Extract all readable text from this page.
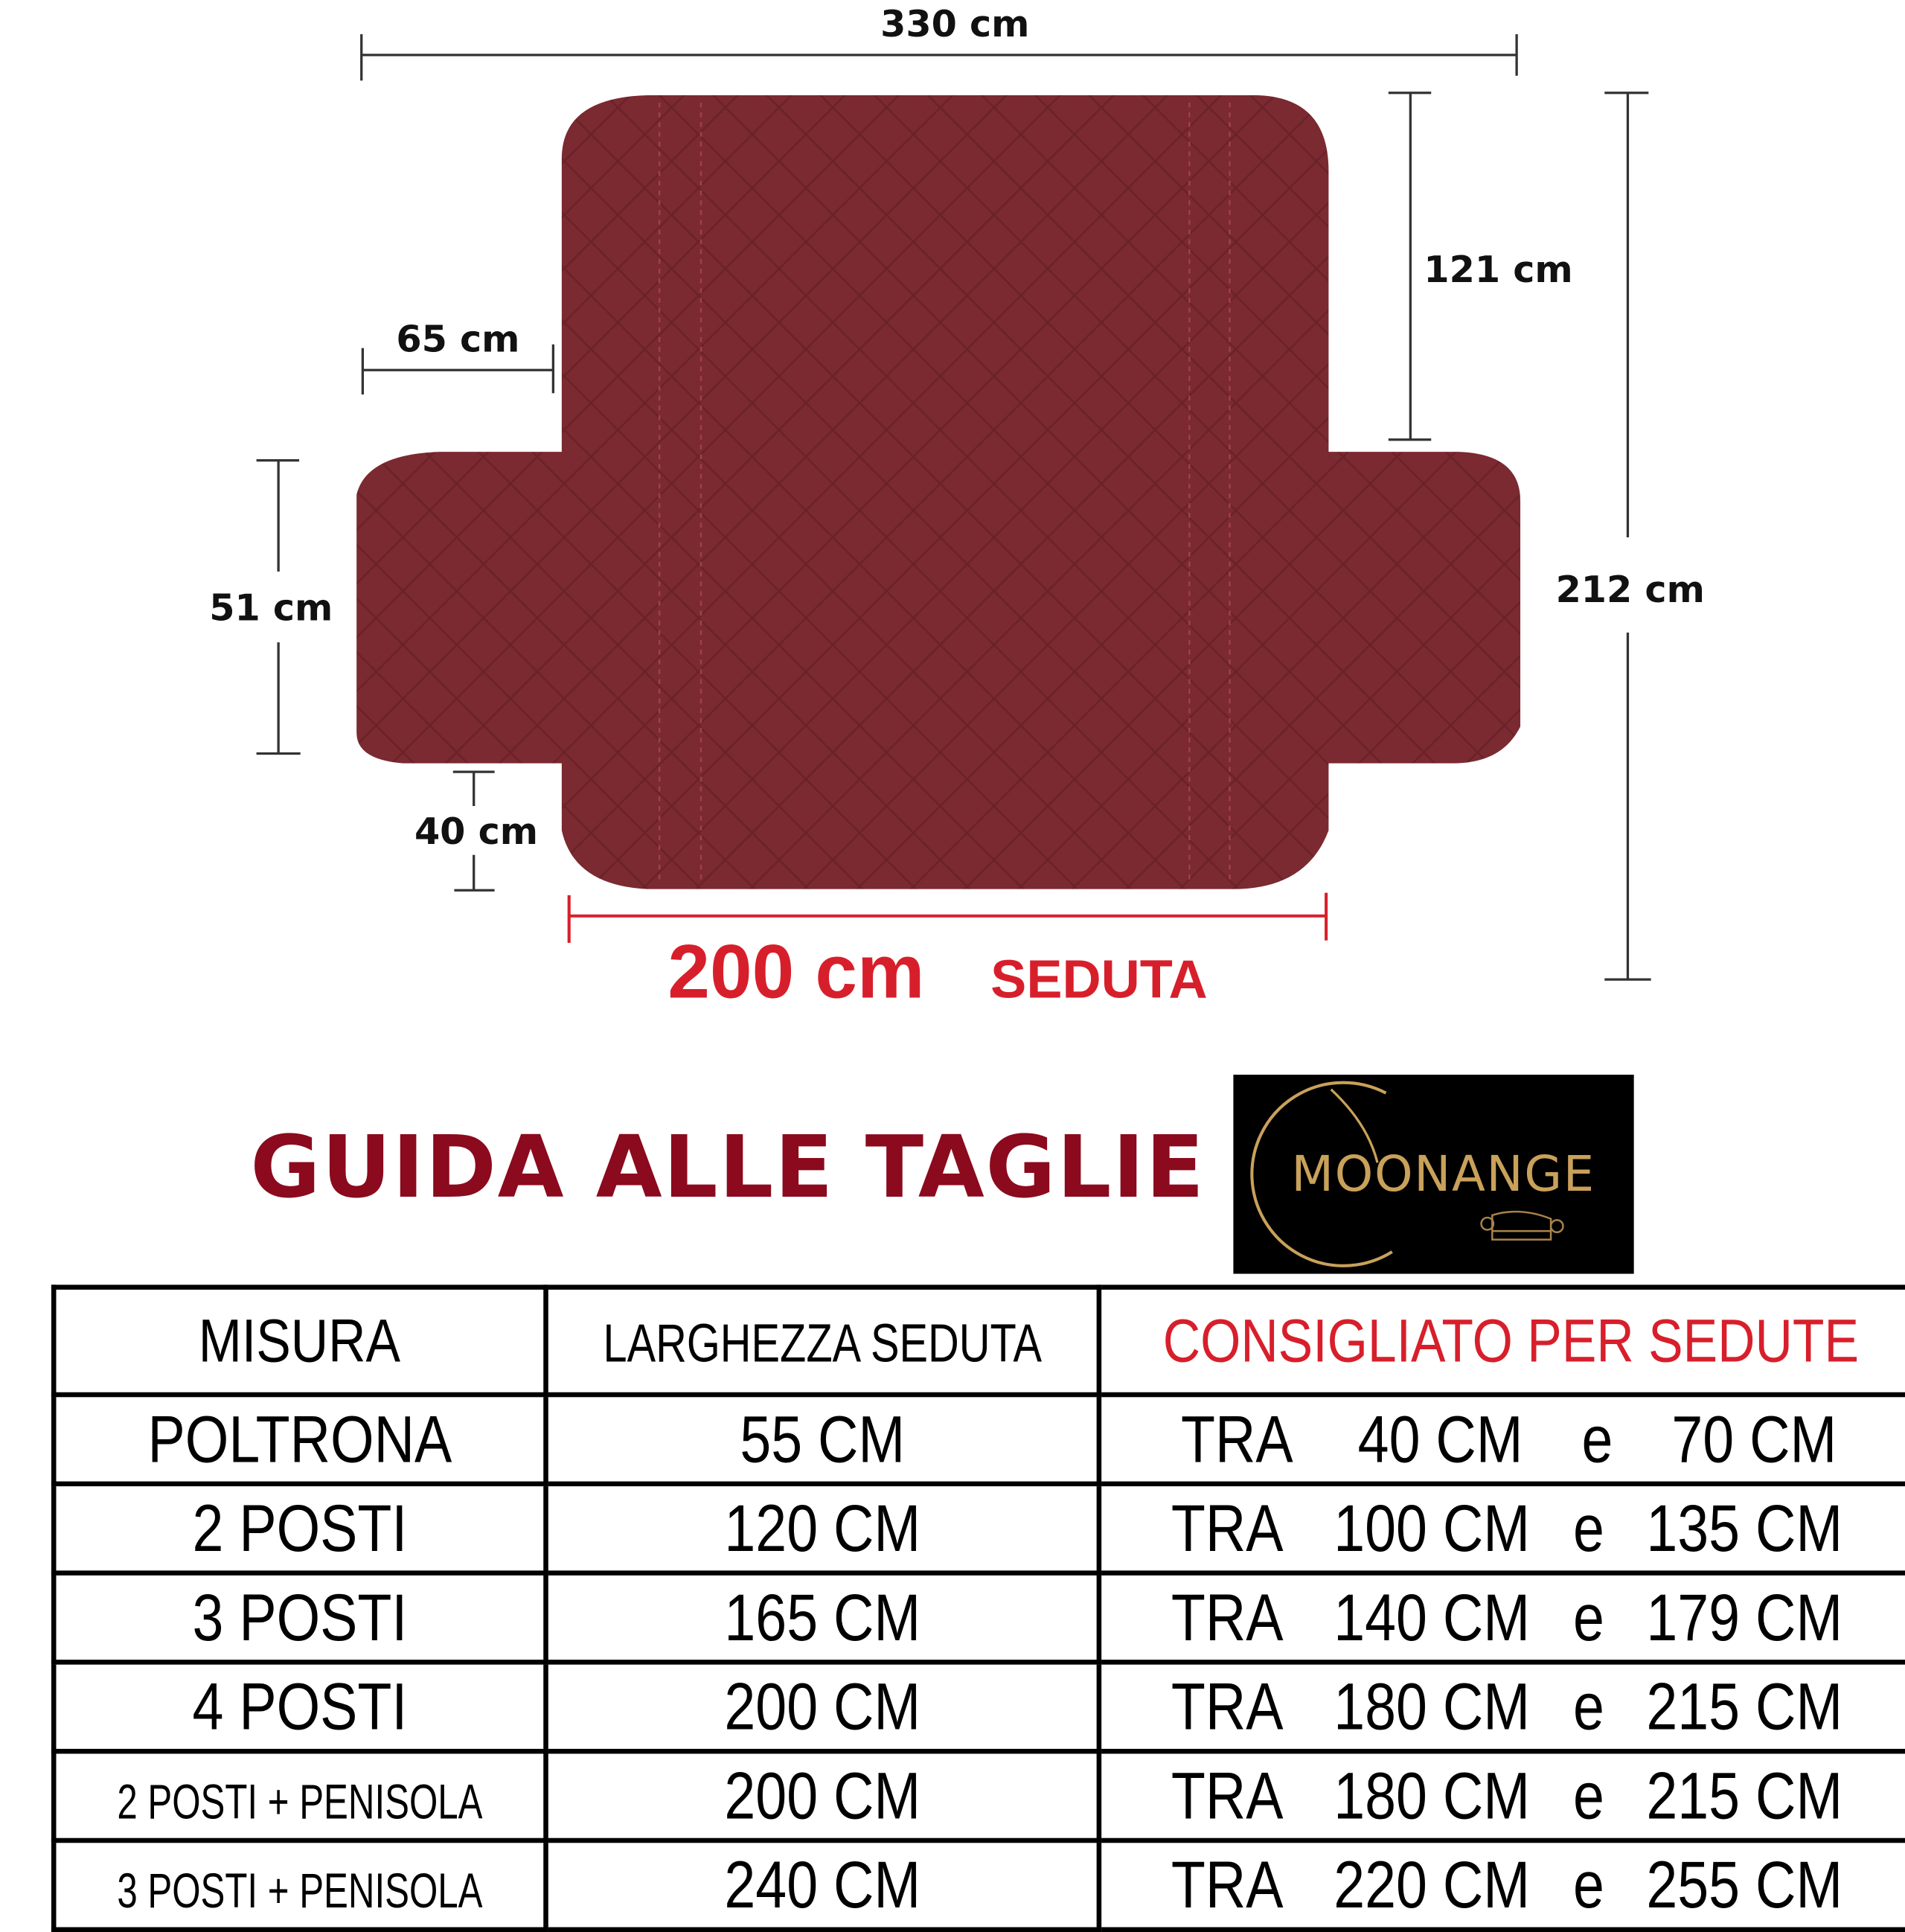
330 cm
65 cm
121 cm
212 cm
51 cm
40 cm
200 cm SEDUTA
GUIDA ALLE TAGLIE	MOONANGE
MISURA	LARGHEZZA SEDUTA	CONSIGLIATO PER SEDUTE
POLTRONA	55 CM	TRA 40 CM e 70 CM

2 POSTI	120 CM	TRA 100 CM e 135 CM

3 POSTI	165 CM	TRA 140 CM e 179 CM

4 POSTI	200 CM	TRA 180 CM e 215 CM

2 POSTI + PENISOLA	200 CM	TRA 180 CM e 215 CM

3 POSTI + PENISOLA	240 CM	TRA 220 CM e 255 CM
